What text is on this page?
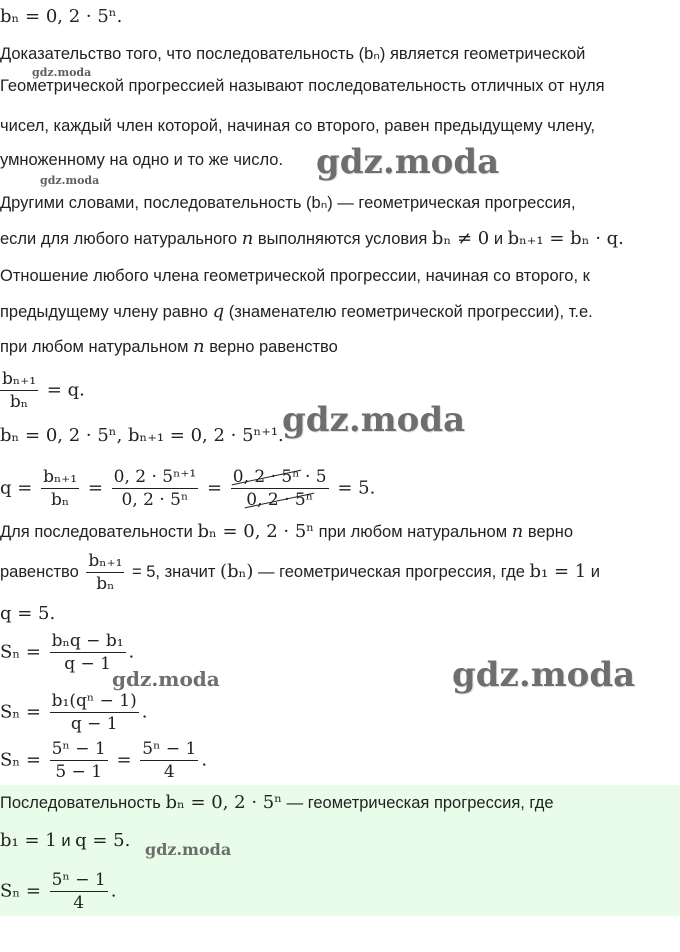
bₙ = 0, 2 · 5ⁿ.
Доказательство того, что последовательность (bₙ) является геометрической
Геометрической прогрессией называют последовательность отличных от нуля
чисел, каждый член которой, начиная со второго, равен предыдущему члену,
умноженному на одно и то же число.
Другими словами, последовательность (bₙ) — геометрическая прогрессия,
если для любого натурального n выполняются условия bₙ ≠ 0 и bₙ₊₁ = bₙ · q.
Отношение любого члена геометрической прогрессии, начиная со второго, к
предыдущему члену равно q (знаменателю геометрической прогрессии), т.е.
при любом натуральном n верно равенство
$\frac{\text{bₙ₊₁}}{\text{bₙ}} = q$.
bₙ = 0, 2 · 5ⁿ, bₙ₊₁ = 0, 2 · 5ⁿ⁺¹.
$q = \frac{\text{bₙ₊₁}}{\text{bₙ}} = \frac{\text{0, 2 · 5ⁿ⁺¹}}{\text{0, 2 · 5ⁿ}} = \frac{\text{0, 2 · 5ⁿ · 5}}{\text{0, 2 · 5ⁿ}} = 5$.
Для последовательности bₙ = 0, 2 · 5ⁿ при любом натуральном n верно
равенство $\frac{\text{bₙ₊₁}}{\text{bₙ}} = 5$, значит (bₙ) — геометрическая прогрессия, где b₁ = 1 и
q = 5.
$S_n = \frac{\text{bₙq − b₁}}{q - 1}$ .
$S_n = \frac{\text{b₁(qⁿ − 1)}}{q - 1}$ .
$S_n = \frac{\text{5ⁿ − 1}}{5 - 1} = \frac{\text{5ⁿ − 1}}{4}$ .
Последовательность bₙ = 0, 2 · 5ⁿ — геометрическая прогрессия, где
b₁ = 1 и q = 5.
$S_n = \frac{\text{5ⁿ − 1}}{4}$ .
gdz.moda
gdz.moda	gdz.moda
gdz.moda
gdz.moda	gdz.moda
gdz.moda
